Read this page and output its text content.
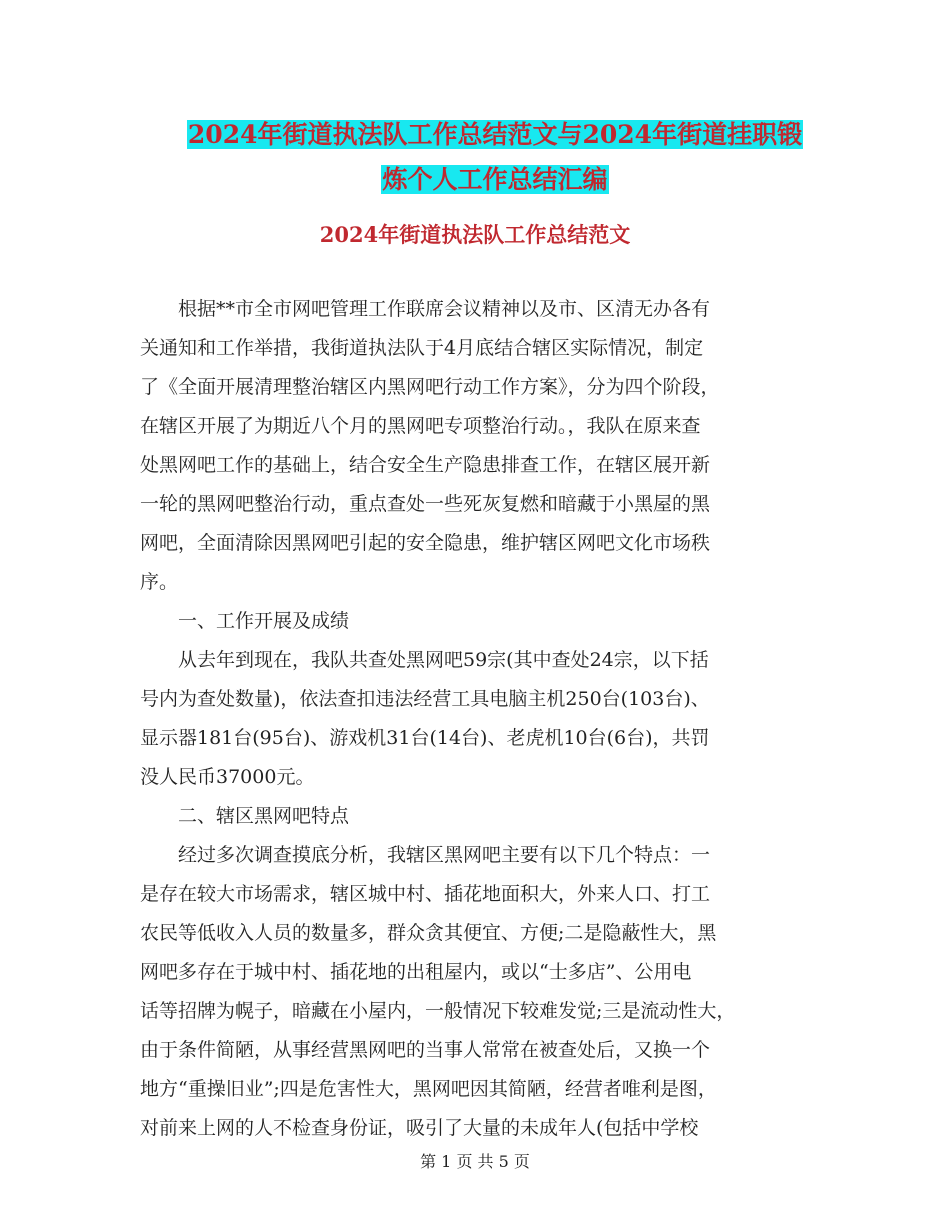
2024年街道执法队工作总结范文与2024年街道挂职锻
炼个人工作总结汇编
2024年街道执法队工作总结范文

根据**市全市网吧管理工作联席会议精神以及市、区清无办各有
关通知和工作举措，我街道执法队于4月底结合辖区实际情况，制定
了《全面开展清理整治辖区内黑网吧行动工作方案》，分为四个阶段，
在辖区开展了为期近八个月的黑网吧专项整治行动。，我队在原来查
处黑网吧工作的基础上，结合安全生产隐患排查工作，在辖区展开新
一轮的黑网吧整治行动，重点查处一些死灰复燃和暗藏于小黑屋的黑
网吧，全面清除因黑网吧引起的安全隐患，维护辖区网吧文化市场秩
序。

一、工作开展及成绩

从去年到现在，我队共查处黑网吧59宗(其中查处24宗，以下括
号内为查处数量)，依法查扣违法经营工具电脑主机250台(103台)、
显示器181台(95台)、游戏机31台(14台)、老虎机10台(6台)，共罚
没人民币37000元。

二、辖区黑网吧特点

经过多次调查摸底分析，我辖区黑网吧主要有以下几个特点：一
是存在较大市场需求，辖区城中村、插花地面积大，外来人口、打工
农民等低收入人员的数量多，群众贪其便宜、方便;二是隐蔽性大，黑
网吧多存在于城中村、插花地的出租屋内，或以“士多店”、公用电
话等招牌为幌子，暗藏在小屋内，一般情况下较难发觉;三是流动性大，
由于条件简陋，从事经营黑网吧的当事人常常在被查处后，又换一个
地方“重操旧业”;四是危害性大，黑网吧因其简陋，经营者唯利是图，
对前来上网的人不检查身份证，吸引了大量的未成年人(包括中学校

第 1 页 共 5 页
